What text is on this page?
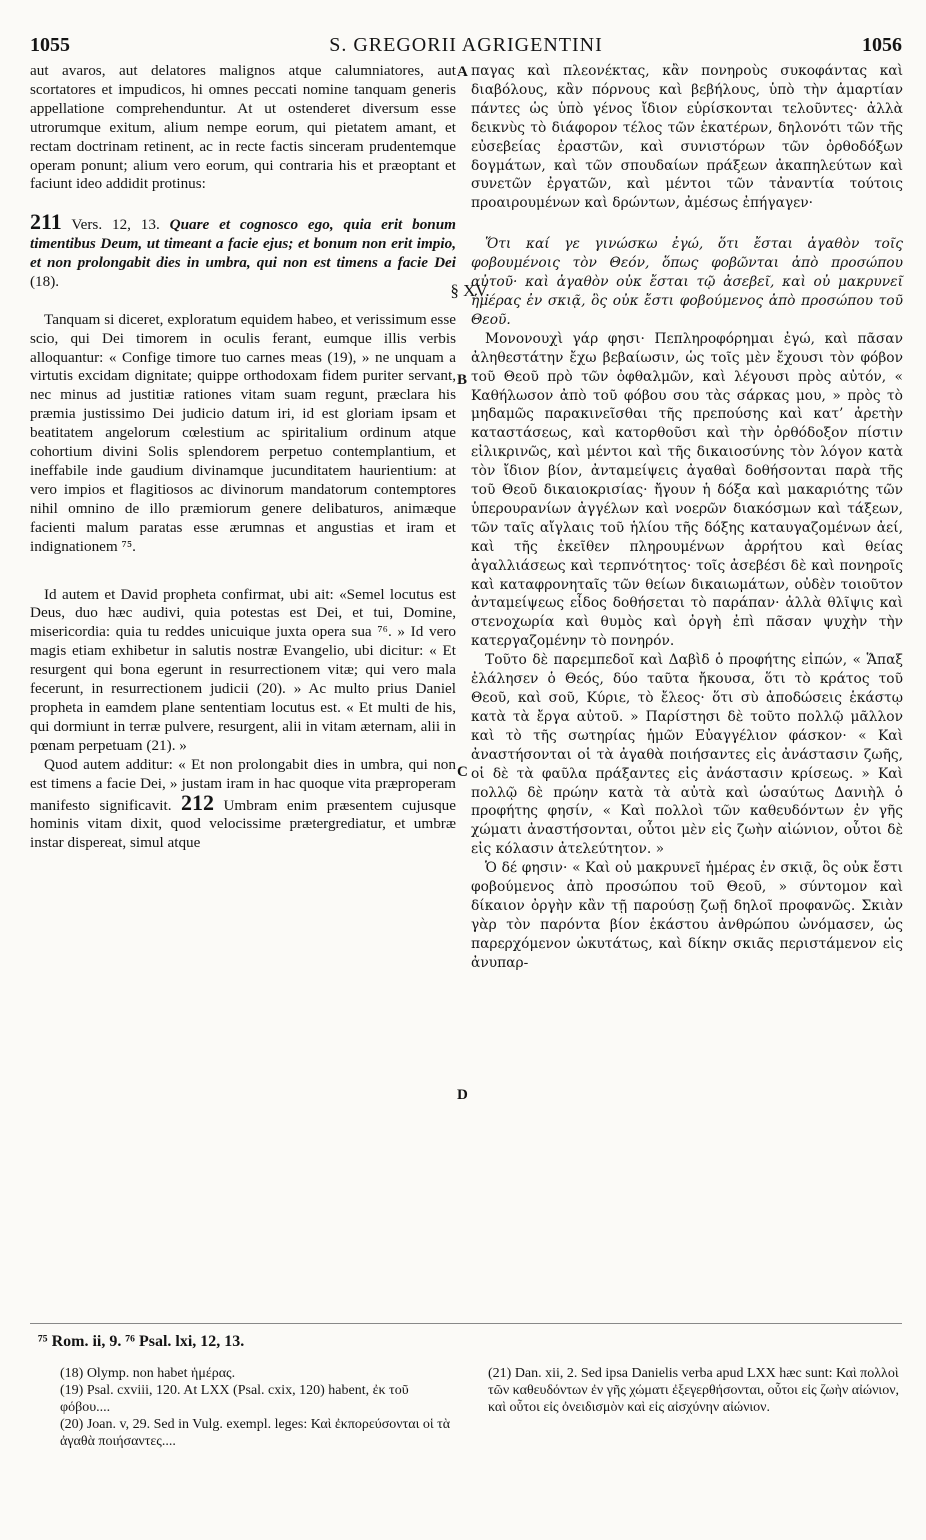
1055	S. GREGORII AGRIGENTINI	1056
A
B
C
D
§ XV.

aut avaros, aut delatores malignos atque calumniatores, aut scortatores et impudicos, hi omnes peccati nomine tanquam generis appellatione comprehenduntur. At ut ostenderet diversum esse utrorumque exitum, alium nempe eorum, qui pietatem amant, et rectam doctrinam retinent, ac in recte factis sinceram prudentemque operam ponunt; alium vero eorum, qui contraria his et præoptant et faciunt ideo addidit protinus:

211 Vers. 12, 13. Quare et cognosco ego, quia erit bonum timentibus Deum, ut timeant a facie ejus; et bonum non erit impio, et non prolongabit dies in umbra, qui non est timens a facie Dei (18).

Tanquam si diceret, exploratum equidem habeo, et verissimum esse scio, qui Dei timorem in oculis ferant, eumque illis verbis alloquantur: « Confige timore tuo carnes meas (19), » ne unquam a virtutis excidam dignitate; quippe orthodoxam fidem puriter servant, nec minus ad justitiæ rationes vitam suam regunt, præclara his præmia justissimo Dei judicio datum iri, id est gloriam ipsam et beatitatem angelorum cœlestium ac spiritalium ordinum atque cohortium divini Solis splendorem perpetuo contemplantium, et ineffabile inde gaudium divinamque jucunditatem haurientium: at vero impios et flagitiosos ac divinorum mandatorum contemptores nihil omnino de illo præmiorum genere delibaturos, animæque facienti malum paratas esse ærumnas et angustias et iram et indignationem ⁷⁵.

Id autem et David propheta confirmat, ubi ait: «Semel locutus est Deus, duo hæc audivi, quia potestas est Dei, et tui, Domine, misericordia: quia tu reddes unicuique juxta opera sua ⁷⁶. » Id vero magis etiam exhibetur in salutis nostræ Evangelio, ubi dicitur: « Et resurgent qui bona egerunt in resurrectionem vitæ; qui vero mala fecerunt, in resurrectionem judicii (20). » Ac multo prius Daniel propheta in eamdem plane sententiam locutus est. « Et multi de his, qui dormiunt in terræ pulvere, resurgent, alii in vitam æternam, alii in pœnam perpetuam (21). »

Quod autem additur: « Et non prolongabit dies in umbra, qui non est timens a facie Dei, » justam iram in hac quoque vita præproperam manifesto significavit. 212 Umbram enim præsentem cujusque hominis vitam dixit, quod velocissime prætergrediatur, et umbræ instar dispereat, simul atque

παγας καὶ πλεονέκτας, κἂν πονηροὺς συκοφάντας καὶ διαβόλους, κἂν πόρνους καὶ βεβήλους, ὑπὸ τὴν ἁμαρτίαν πάντες ὡς ὑπὸ γένος ἴδιον εὑρίσκονται τελοῦντες· ἀλλὰ δεικνὺς τὸ διάφορον τέλος τῶν ἑκατέρων, δηλονότι τῶν τῆς εὐσεβείας ἐραστῶν, καὶ συνιστόρων τῶν ὀρθοδόξων δογμάτων, καὶ τῶν σπουδαίων πράξεων ἀκαπηλεύτων καὶ συνετῶν ἐργατῶν, καὶ μέντοι τῶν τἀναντία τούτοις προαιρουμένων καὶ δρώντων, ἀμέσως ἐπήγαγεν·

Ὅτι καί γε γινώσκω ἐγώ, ὅτι ἔσται ἀγαθὸν τοῖς φοβουμένοις τὸν Θεόν, ὅπως φοβῶνται ἀπὸ προσώπου αὐτοῦ· καὶ ἀγαθὸν οὐκ ἔσται τῷ ἀσεβεῖ, καὶ οὐ μακρυνεῖ ἡμέρας ἐν σκιᾷ, ὃς οὐκ ἔστι φοβούμενος ἀπὸ προσώπου τοῦ Θεοῦ.

Μονονουχὶ γάρ φησι· Πεπληροφόρημαι ἐγώ, καὶ πᾶσαν ἀληθεστάτην ἔχω βεβαίωσιν, ὡς τοῖς μὲν ἔχουσι τὸν φόβον τοῦ Θεοῦ πρὸ τῶν ὀφθαλμῶν, καὶ λέγουσι πρὸς αὐτόν, « Καθήλωσον ἀπὸ τοῦ φόβου σου τὰς σάρκας μου, » πρὸς τὸ μηδαμῶς παρακινεῖσθαι τῆς πρεπούσης καὶ κατ’ ἀρετὴν καταστάσεως, καὶ κατορθοῦσι καὶ τὴν ὀρθόδοξον πίστιν εἰλικρινῶς, καὶ μέντοι καὶ τῆς δικαιοσύνης τὸν λόγον κατὰ τὸν ἴδιον βίον, ἀνταμείψεις ἀγαθαὶ δοθήσονται παρὰ τῆς τοῦ Θεοῦ δικαιοκρισίας· ἤγουν ἡ δόξα καὶ μακαριότης τῶν ὑπερουρανίων ἀγγέλων καὶ νοερῶν διακόσμων καὶ τάξεων, τῶν ταῖς αἴγλαις τοῦ ἡλίου τῆς δόξης καταυγαζομένων ἀεί, καὶ τῆς ἐκεῖθεν πληρουμένων ἀρρήτου καὶ θείας ἀγαλλιάσεως καὶ τερπνότητος· τοῖς ἀσεβέσι δὲ καὶ πονηροῖς καὶ καταφρονηταῖς τῶν θείων δικαιωμάτων, οὐδὲν τοιοῦτον ἀνταμείψεως εἶδος δοθήσεται τὸ παράπαν· ἀλλὰ θλῖψις καὶ στενοχωρία καὶ θυμὸς καὶ ὀργὴ ἐπὶ πᾶσαν ψυχὴν τὴν κατεργαζομένην τὸ πονηρόν.

Τοῦτο δὲ παρεμπεδοῖ καὶ Δαβὶδ ὁ προφήτης εἰπών, « Ἅπαξ ἐλάλησεν ὁ Θεός, δύο ταῦτα ἤκουσα, ὅτι τὸ κράτος τοῦ Θεοῦ, καὶ σοῦ, Κύριε, τὸ ἔλεος· ὅτι σὺ ἀποδώσεις ἑκάστῳ κατὰ τὰ ἔργα αὐτοῦ. » Παρίστησι δὲ τοῦτο πολλῷ μᾶλλον καὶ τὸ τῆς σωτηρίας ἡμῶν Εὐαγγέλιον φάσκον· « Καὶ ἀναστήσονται οἱ τὰ ἀγαθὰ ποιήσαντες εἰς ἀνάστασιν ζωῆς, οἱ δὲ τὰ φαῦλα πράξαντες εἰς ἀνάστασιν κρίσεως. » Καὶ πολλῷ δὲ πρώην κατὰ τὰ αὐτὰ καὶ ὡσαύτως Δανιὴλ ὁ προφήτης φησίν, « Καὶ πολλοὶ τῶν καθευδόντων ἐν γῆς χώματι ἀναστήσονται, οὗτοι μὲν εἰς ζωὴν αἰώνιον, οὗτοι δὲ εἰς κόλασιν ἀτελεύτητον. »

Ὁ δέ φησιν· « Καὶ οὐ μακρυνεῖ ἡμέρας ἐν σκιᾷ, ὃς οὐκ ἔστι φοβούμενος ἀπὸ προσώπου τοῦ Θεοῦ, » σύντομον καὶ δίκαιον ὀργὴν κἂν τῇ παρούσῃ ζωῇ δηλοῖ προφανῶς. Σκιὰν γὰρ τὸν παρόντα βίον ἑκάστου ἀνθρώπου ὠνόμασεν, ὡς παρερχόμενον ὠκυτάτως, καὶ δίκην σκιᾶς περιστάμενον εἰς ἀνυπαρ-

⁷⁵ Rom. ii, 9. ⁷⁶ Psal. lxi, 12, 13.

(18) Olymp. non habet ἡμέρας.

(19) Psal. cxviii, 120. At LXX (Psal. cxix, 120) habent, ἐκ τοῦ φόβου....

(20) Joan. v, 29. Sed in Vulg. exempl. leges: Καὶ ἐκπορεύσονται οἱ τὰ ἀγαθὰ ποιήσαντες....

(21) Dan. xii, 2. Sed ipsa Danielis verba apud LXX hæc sunt: Καὶ πολλοὶ τῶν καθευδόντων ἐν γῆς χώματι ἐξεγερθήσονται, οὗτοι εἰς ζωὴν αἰώνιον, καὶ οὗτοι εἰς ὀνειδισμὸν καὶ εἰς αἰσχύνην αἰώνιον.
